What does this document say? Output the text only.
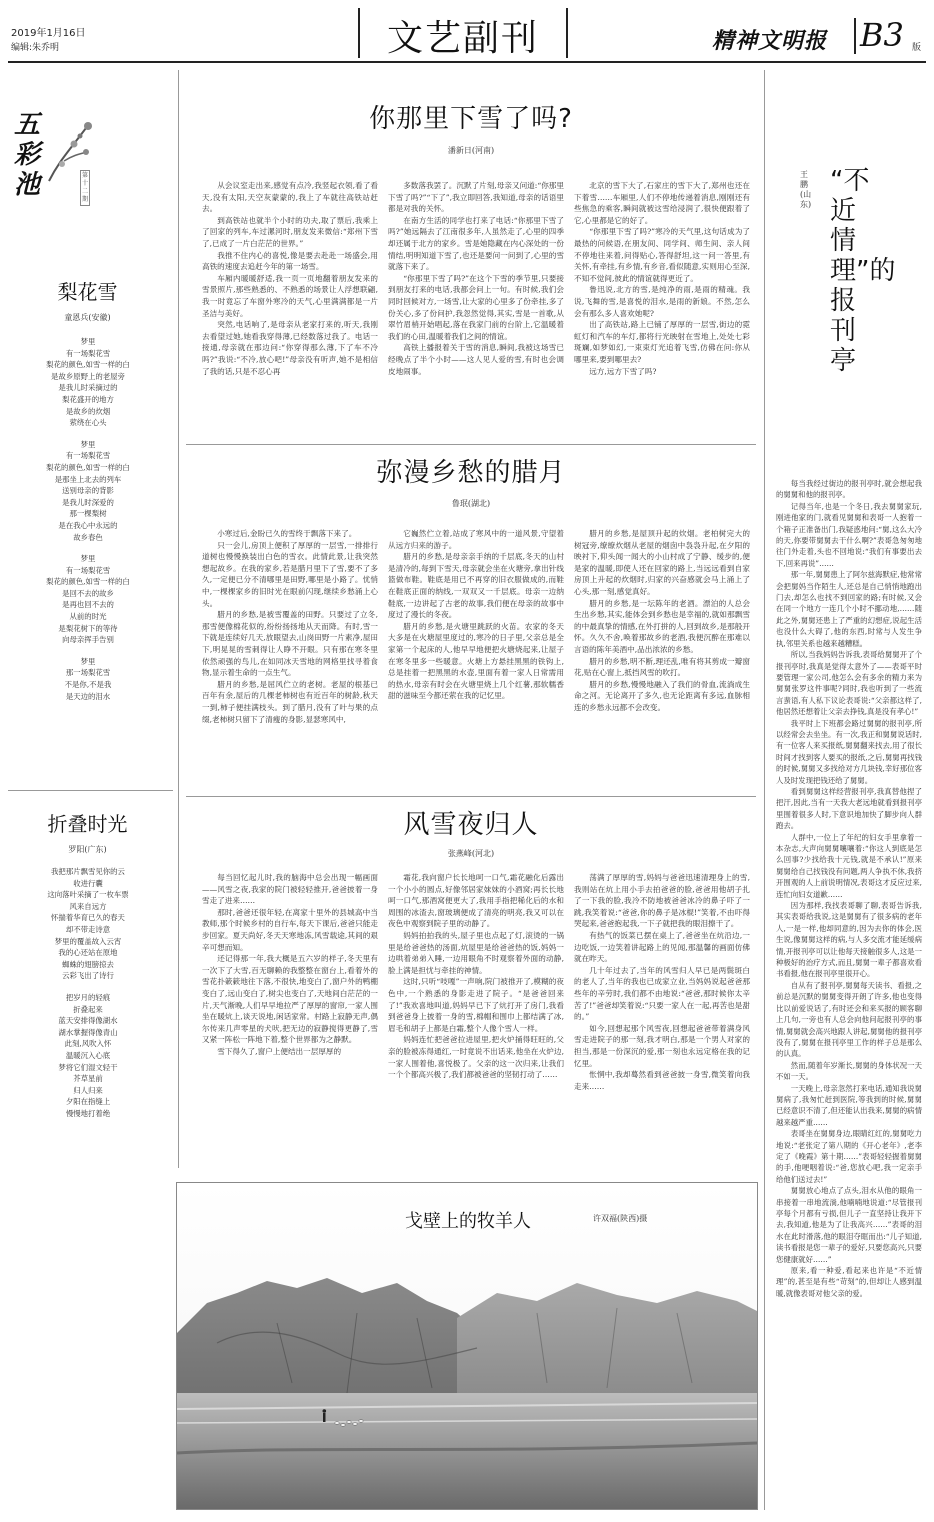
2019年1月16日
编辑:朱乔明	文艺副刊	精神文明报 B3 版
五彩池	第十二期
梨花雪
童恩兵(安徽)

梦里

有一场梨花雪

梨花的颜色,如雪一样的白

是故乡原野上的老屋旁

是我儿时采摘过的

梨花盛开的地方

是故乡的炊烟

萦绕在心头

梦里

有一场梨花雪

梨花的颜色,如雪一样的白

是那坐上北去的列车

送别母亲的背影

是我儿时深爱的

那一棵梨树

是在我心中永远的

故乡春色

梦里

有一场梨花雪

梨花的颜色,如雪一样的白

是回不去的故乡

是再也回不去的

从前的时光

是梨花树下的等待

向母亲挥手告别

梦里

那一场梨花雪

不是你,不是我

是天边的泪水

折叠时光
罗阳(广东)

我把那片飘雪见你的云

收进行囊

这向落叶采摘了一枚车票

风来自远方

怀揣着华育已久的春天

却不带走诗意

梦里的覆盖故入云宵

我的心还站在原地

蜘蛛的翅膀掠去

云彩飞出了诗行

把岁月的轻痕

折叠起来

蓝天安排得像湖水

湖水掌握得像青山

此刻,风吹入怀

温暖沉入心底

梦将它们湿文轻干

芥草星前

归人归来

夕阳在指缝上

慢慢地打着绝

你那里下雪了吗?
潘新日(河南)

从会议室走出来,感觉有点冷,我竖起衣领,看了看天,没有太阳,天空灰蒙蒙的,我上了车就往高铁站赶去。

到高铁站也就半个小时的功夫,取了票后,我乘上了回家的列车,车过漯河时,朋友发来微信:“郑州下雪了,已成了一片白茫茫的世界。”

我推不住内心的喜悦,像是要去赴赴一场盛会,用高铁的速度去追赶今年的第一场雪。

车厢内暖暖舒适,我一页一页地翻着朋友发来的雪景照片,那些熟悉的、不熟悉的场景让人浮想联翩,我一时竟忘了车窗外寒冷的天气,心里满满都是一片圣洁与美好。

突然,电话响了,是母亲从老家打来的,听天,我刚去看望过她,她看我穿得薄,已经数落过我了。电话一接通,母亲就在那边问:“你穿得那么薄,下了车不冷吗?”我说:“不冷,放心吧!”母亲没有听声,她不是相信了我的话,只是不忍心再

多数落我罢了。沉默了片刻,母亲又问道:“你那里下雪了吗?”“下了”,我立即回答,我知道,母亲的话语里都是对我的关怀。

在南方生活的同学也打来了电话:“你那里下雪了吗?”她远隔去了江南很多年,人虽然走了,心里的四季却还属于北方的家乡。雪是她隐藏在内心深处的一份情结,明明知道下雪了,也还是要问一问到了,心里的雪就落下来了。

“你那里下雪了吗?”在这个下雪的季节里,只要接到朋友打来的电话,我都会问上一句。有时候,我们会同时回候对方,一场雪,让大家的心里多了份牵挂,多了份关心,多了份问护,我忽然觉得,其实,雪是一首歌,从翠竹眉梢开始唱起,落在我家门前的台阶上,它温暖着我们的心田,温暖着我们之间的情谊。

高铁上播报着关于雪的消息,瞬间,我被这场雪已经晚点了半个小时——这人见人爱的雪,有时也会调皮地闹事。

北京的雪下大了,石家庄的雪下大了,郑州也还在下着雪……车厢里,人们不停地传递着消息,刚刚还有些焦急的乘客,瞬间就被这雪给浸润了,很快便跟着了它,心里都是它的好了。

“你那里下雪了吗?”寒冷的天气里,这句话成为了最热的问候语,在朋友间、同学间、师生间、亲人间不停地往来着,问得贴心,答得舒坦,这一问一答里,有关怀,有牵挂,有乡情,有乡音,看似随意,实则用心至深,不知不觉间,彼此的情谊就得更近了。

鲁迅说,北方的雪,是纯净的雨,是雨的精魂。我说,飞舞的雪,是喜悦的泪水,是雨的新娘。不然,怎么会有那么多人喜欢她呢?

出了高铁站,路上已铺了厚厚的一层雪,街边的霓虹灯和汽车的车灯,都将行光映射在雪地上,处处七彩斑斓,如梦如幻,一束束灯光追着飞雪,仿佛在问:你从哪里来,要到哪里去?

远方,远方下雪了吗?

弥漫乡愁的腊月
鲁珉(湖北)

小寒过后,金盼已久的雪终于飘落下来了。

只一会儿,房顶上便积了厚厚的一层雪,一排排行道树也慢慢换装出白色的雪衣。此情此景,让我突然想起故乡。在我的家乡,若是腊月里下了雪,要不了多久,一定便已分不清哪里是田野,哪里是小路了。忧悄中,一棵棵家乡的旧时光在眼前闪现,继续乡愁涌上心头。

腊月的乡愁,是被雪覆盖的田野。只要过了立冬,那雪便像棉花似的,纷纷扬扬地从天而降。有时,雪一下就是连续好几天,放眼望去,山岗田野一片素净,屋田下,明晃晃的雪刺得让人睁不开眼。只有那在寒冬里依然顽强的鸟儿,在如同冰天雪地的网格里找寻着食物,显示着生命的一点生气。

腊月的乡愁,是屈风伫立的老树。老屋的根基已百年有余,屋后的几棵老柿树也有近百年的树龄,秋天一到,柿子便挂满枝头。到了腊月,没有了叶与果的点缀,老柿树只留下了清瘦的身影,显瑟寒风中,

它巍然伫立着,站成了寒风中的一道风景,守望着从远方归来的游子。

腊月的乡愁,是母亲亲手纳的千层底,冬天的山村是清冷的,每到下雪天,母亲就会坐在火塘旁,拿出针线篮做布鞋。鞋底是用已不再穿的旧衣服做成的,而鞋在鞋底正面的纳线,一双双又一千层底。母亲一边纳鞋底,一边讲起了古老的故事,我们便在母亲的故事中度过了漫长的冬夜。

腊月的乡愁,是火塘里跳跃的火苗。农家的冬天大多是在火塘屋里度过的,寒冷的日子里,父亲总是全家第一个起床的人,他早早地便把火塘烧起来,让屋子在寒冬里多一些暖意。火塘上方悬挂黑黑的铁钩上,总是挂着一把黑黑的水壶,里面有着一家人日常需用的热水,母亲有时会在火塘里烧上几个红薯,那软糯香甜的滋味至今都还萦在我的记忆里。

腊月的乡愁,是屋顶升起的炊烟。老柏树完大的树冠旁,缭缭炊烟从老屋的烟囱中袅袅升起,在夕阳的映衬下,仰头闻一闻大的小山村成了宁静、缓步的,便是家的温暖,即使人还在回家的路上,当远远看到自家房顶上升起的炊烟时,归家的兴奋感就会马上涌上了心头,那一刻,感觉真好。

腊月的乡愁,是一坛陈年的老酒。漂泊的人总会生出乡愁,其实,能体会到乡愁也是幸福的,就如那飘雪的中最真挚的情感,在外打拼的人,回到故乡,是那般开怀。久久不舍,唤着那故乡的老酒,我便沉醉在那难以言语的陈年美酒中,品出浓浓的乡愁。

腊月的乡愁,明不断,理还乱,唯有将其剪成一瓣窗花,贴在心窗上,抵挡风雪的吹打。

腊月的乡愁,慢慢地融入了我们的骨血,流淌成生命之河。无论离开了多久,也无论距离有多远,血脉相连的乡愁永远都不会改变。

风雪夜归人
张燕峰(河北)

每当回忆起儿时,我的脑海中总会出现一幅画面——风雪之夜,我家的院门被轻轻推开,爸爸披着一身雪走了进来……

那时,爸爸还很年轻,在离家十里外的县城高中当教师,那个时候乡村的自行车,每天下课后,爸爸只能走步回家。夏天尚好,冬天天寒地冻,风雪载途,其间的艰辛可想而知。

还记得那一年,我大概是五六岁的样子,冬天里有一次下了大雪,百无聊赖的我整整在窗台上,看着外的雪花扑簌簌地往下落,不很快,地变白了,窗户外的鸭棚变白了,远山变白了,树尖也变白了,天地间白茫茫的一片,天气渐晚,人们早早地拉严了厚厚的窗帘,一家人围坐在暖炕上,谈天说地,闲话家常。村路上寂静无声,偶尔传来几声零星的犬吠,把无边的寂静搅得更静了,雪又紧一阵松一阵地下着,整个世界都为之静默。

雪下得久了,窗户上便结出一层厚厚的

霜花,我向窗户长长地呵一口气,霜花融化后露出一个小小的圆点,好像邻居家妹妹的小酒窝;再长长地呵一口气,那酒窝便更大了,我用手指把稀化后的水和周围的冰渣去,窗玻璃便成了清亮的明亮,我又可以在夜色中观察到院子里的动静了。

妈妈拍拍我的头,屋子里也点起了灯,滚烫的一锅里是给爸爸热的汤面,炕屋里是给爸爸热的饭,妈妈一边哄着弟弟入睡,一边用眼角不时观察着外面的动静,脸上满是担忧与牵挂的神情。

这时,只听“吱嘎”一声响,院门被推开了,模糊的夜色中,一个熟悉的身影走进了院子。“是爸爸回来了!”我欢喜地叫道,妈妈早已下了炕打开了房门,我看到爸爸身上披着一身的雪,棉帽和围巾上都结满了冰,眉毛和胡子上都是白霜,整个人像个雪人一样。

妈妈连忙把爸爸拉进屋里,把火炉捅得旺旺的,父亲的脸被冻得通红,一时竟说不出话来,他坐在火炉边,一家人围着他,喜悦极了。父亲的这一次归来,让我们一个个都高兴极了,我们都被爸爸的坚韧打动了……

荡满了厚厚的雪,妈妈与爸爸迅速清理身上的雪,我则站在炕上用小手去拍爸爸的脸,爸爸用他胡子扎了一下我的脸,我冷不防地被爸爸冰冷的鼻子吓了一跳,我笑着说:“爸爸,你的鼻子是冰棍!”笑着,不由吓得哭起来,爸爸抱起我,一下子就把我的眼泪擦干了。

有热气的饭菜已摆在桌上了,爸爸坐在炕沿边,一边吃饭,一边笑着讲起路上的见闻,那温馨的画面仿佛就在昨天。

几十年过去了,当年的风雪归人早已是两鬓斑白的老人了,当年的我也已成家立业,当妈妈说起爸爸那些年的辛劳时,我们都不由地说:“爸爸,那时候你太辛苦了!”爸爸却笑着说:“只要一家人在一起,再苦也是甜的。”

如今,回想起那个风雪夜,回想起爸爸带着满身风雪走进院子的那一刻,我才明白,那是一个男人对家的担当,那是一份深沉的爱,那一刻也永远定格在我的记忆里。

怅惘中,我却蓦然看到爸爸披一身雪,微笑着向我走来……

“不近情理”的报刊亭
王鹏(山东)

每当我经过街边的报刊亭时,就会想起我的舅舅和他的报刊亭。

记得当年,也是一个冬日,我去舅舅家玩,刚进他家的门,就看见舅舅和表哥一人抱着一个箱子正准备出门,我疑惑地问:“舅,这么大冷的天,你要带舅舅去干什么啊?”表哥急匆匆地往门外走着,头也不回地说:“我们有事要出去下,回来再说”……

那一年,舅舅患上了阿尔兹海默症,他常常会把舅妈当作陌生人,还总是自己悄悄地跑出门去,却怎么也找不到回家的路;有时候,又会在同一个地方一连几个小时不挪动地,……随此之外,舅舅还患上了严重的幻想症,说起生活也没什么大碍了,他的东西,时常与人发生争执,邻里关系也越来越糟糕。

所以,当我妈妈告诉我,表哥给舅舅开了个报刊亭时,我真是觉得太意外了——表哥平时要管理一家公司,他怎么会有多余的精力来为舅舅张罗这件事呢?同时,我也听到了一些流言蜚语,有人私下议论表哥说:“父亲都这样了,他居然还想着让父亲去挣钱,真是没有孝心!”

我平时上下班都会路过舅舅的报刊亭,所以经常会去坐坐。有一次,我正和舅舅说话时,有一位客人来买报纸,舅舅翻来找去,用了很长时间才找到客人要买的报纸,之后,舅舅再找钱的时候,舅舅又多找给对方几块钱,幸好那位客人及时发现把钱还给了舅舅。

看到舅舅这样经营报刊亭,我真替他捏了把汗,因此,当有一天我大老远地就看到报刊亭里围着很多人时,下意识地加快了脚步向人群跑去。

人群中,一位上了年纪的妇女手里拿着一本杂志,大声向舅舅嚷嚷着:“你这人到底是怎么回事?少找给我十元钱,就是不承认!”原来舅舅给自己找钱没有问题,两人争执不休,我挤开围观的人上前说明情况,表哥这才反应过来,连忙向妇女道歉……

因为那样,我找表哥聊了聊,表哥告诉我,其实表哥给我说,这是舅舅有了很多病的老年人,一是一样,他却同意的,因为去你的体会,医生说,像舅舅这样的病,与人多交流才能延缓病情,开报刊亭可以让他每天接触很多人,这是一种极好的治疗方式,而且,舅舅一辈子都喜欢看书看报,他在报刊亭里很开心。

自从有了报刊亭,舅舅每天读书、看报,之前总是沉默的舅舅变得开朗了许多,他也变得比以前爱说话了,有时还会和来买报的顾客聊上几句,一旁也有人总会向他问起报刊亭的事情,舅舅就会高兴地跟人讲起,舅舅他的报刊亭没有了,舅舅在报刊亭里工作的样子总是那么的认真。

然而,随着年岁渐长,舅舅的身体状况一天不如一天。

一天晚上,母亲忽然打来电话,通知我说舅舅病了,我匆忙赶到医院,等我到的时候,舅舅已经意识不清了,但还能认出我来,舅舅的病情越来越严重……

表哥坐在舅舅身边,眼睛红红的,舅舅吃力地说:“老张定了第八期的《开心老年》,老李定了《晚霞》第十期……”表哥轻轻握着舅舅的手,他哽咽着说:“爸,您放心吧,我一定亲手给他们送过去!”

舅舅放心地点了点头,泪水从他的眼角一串接着一串地流淌,他喃喃地说道:“尽管报刊亭每个月都有亏损,但儿子一直坚持让我开下去,我知道,他是为了让我高兴……”表哥的泪水在此时滑落,他的眼泪夺眶而出:“儿子知道,读书看报是您一辈子的爱好,只要您高兴,只要您健康就好……”

原来,看一种爱,看起来也许是“不近情理”的,甚至是有些“苛刻”的,但却让人感到温暖,就像表哥对他父亲的爱。

戈壁上的牧羊人	许双福(陕西)摄
